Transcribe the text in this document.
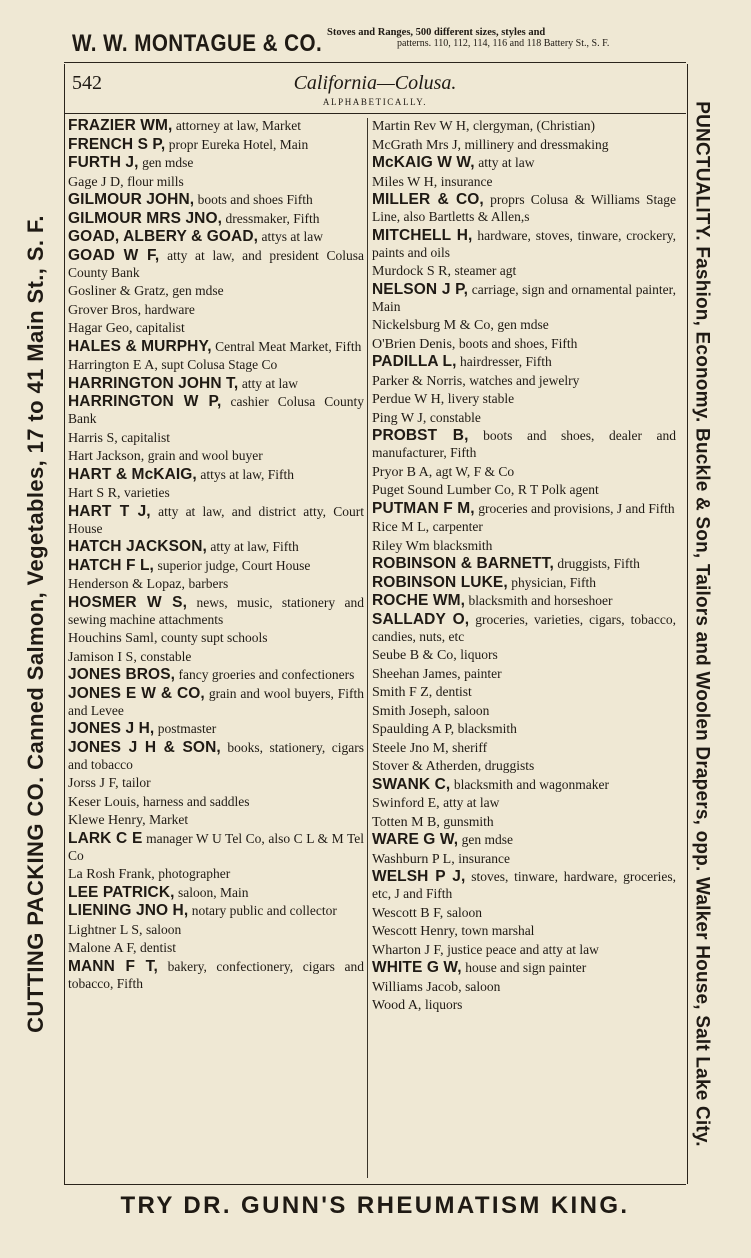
W. W. MONTAGUE & CO. Stoves and Ranges, 500 different sizes, styles and
patterns. 110, 112, 114, 116 and 118 Battery St., S. F.
CUTTING PACKING CO. Canned Salmon, Vegetables, 17 to 41 Main St., S. F.	PUNCTUALITY. Fashion, Economy. Buckle & Son, Tailors and Woolen Drapers, opp. Walker House, Salt Lake City.
542	California—Colusa.
ALPHABETICALLY.

FRAZIER WM, attorney at law, Market

FRENCH S P, propr Eureka Hotel, Main

FURTH J, gen mdse

Gage J D, flour mills

GILMOUR JOHN, boots and shoes Fifth

GILMOUR MRS JNO, dressmaker, Fifth

GOAD, ALBERY & GOAD, attys at law

GOAD W F, atty at law, and president Colusa County Bank

Gosliner & Gratz, gen mdse

Grover Bros, hardware

Hagar Geo, capitalist

HALES & MURPHY, Central Meat Market, Fifth

Harrington E A, supt Colusa Stage Co

HARRINGTON JOHN T, atty at law

HARRINGTON W P, cashier Colusa County Bank

Harris S, capitalist

Hart Jackson, grain and wool buyer

HART & McKAIG, attys at law, Fifth

Hart S R, varieties

HART T J, atty at law, and district atty, Court House

HATCH JACKSON, atty at law, Fifth

HATCH F L, superior judge, Court House

Henderson & Lopaz, barbers

HOSMER W S, news, music, stationery and sewing machine attachments

Houchins Saml, county supt schools

Jamison I S, constable

JONES BROS, fancy groeries and confectioners

JONES E W & CO, grain and wool buyers, Fifth and Levee

JONES J H, postmaster

JONES J H & SON, books, stationery, cigars and tobacco

Jorss J F, tailor

Keser Louis, harness and saddles

Klewe Henry, Market

LARK C E manager W U Tel Co, also C L & M Tel Co

La Rosh Frank, photographer

LEE PATRICK, saloon, Main

LIENING JNO H, notary public and collector

Lightner L S, saloon

Malone A F, dentist

MANN F T, bakery, confectionery, cigars and tobacco, Fifth

Martin Rev W H, clergyman, (Christian)

McGrath Mrs J, millinery and dressmaking

McKAIG W W, atty at law

Miles W H, insurance

MILLER & CO, proprs Colusa & Williams Stage Line, also Bartletts & Allen,s

MITCHELL H, hardware, stoves, tinware, crockery, paints and oils

Murdock S R, steamer agt

NELSON J P, carriage, sign and ornamental painter, Main

Nickelsburg M & Co, gen mdse

O'Brien Denis, boots and shoes, Fifth

PADILLA L, hairdresser, Fifth

Parker & Norris, watches and jewelry

Perdue W H, livery stable

Ping W J, constable

PROBST B, boots and shoes, dealer and manufacturer, Fifth

Pryor B A, agt W, F & Co

Puget Sound Lumber Co, R T Polk agent

PUTMAN F M, groceries and provisions, J and Fifth

Rice M L, carpenter

Riley Wm blacksmith

ROBINSON & BARNETT, druggists, Fifth

ROBINSON LUKE, physician, Fifth

ROCHE WM, blacksmith and horseshoer

SALLADY O, groceries, varieties, cigars, tobacco, candies, nuts, etc

Seube B & Co, liquors

Sheehan James, painter

Smith F Z, dentist

Smith Joseph, saloon

Spaulding A P, blacksmith

Steele Jno M, sheriff

Stover & Atherden, druggists

SWANK C, blacksmith and wagonmaker

Swinford E, atty at law

Totten M B, gunsmith

WARE G W, gen mdse

Washburn P L, insurance

WELSH P J, stoves, tinware, hardware, groceries, etc, J and Fifth

Wescott B F, saloon

Wescott Henry, town marshal

Wharton J F, justice peace and atty at law

WHITE G W, house and sign painter

Williams Jacob, saloon

Wood A, liquors

TRY DR. GUNN'S RHEUMATISM KING.
